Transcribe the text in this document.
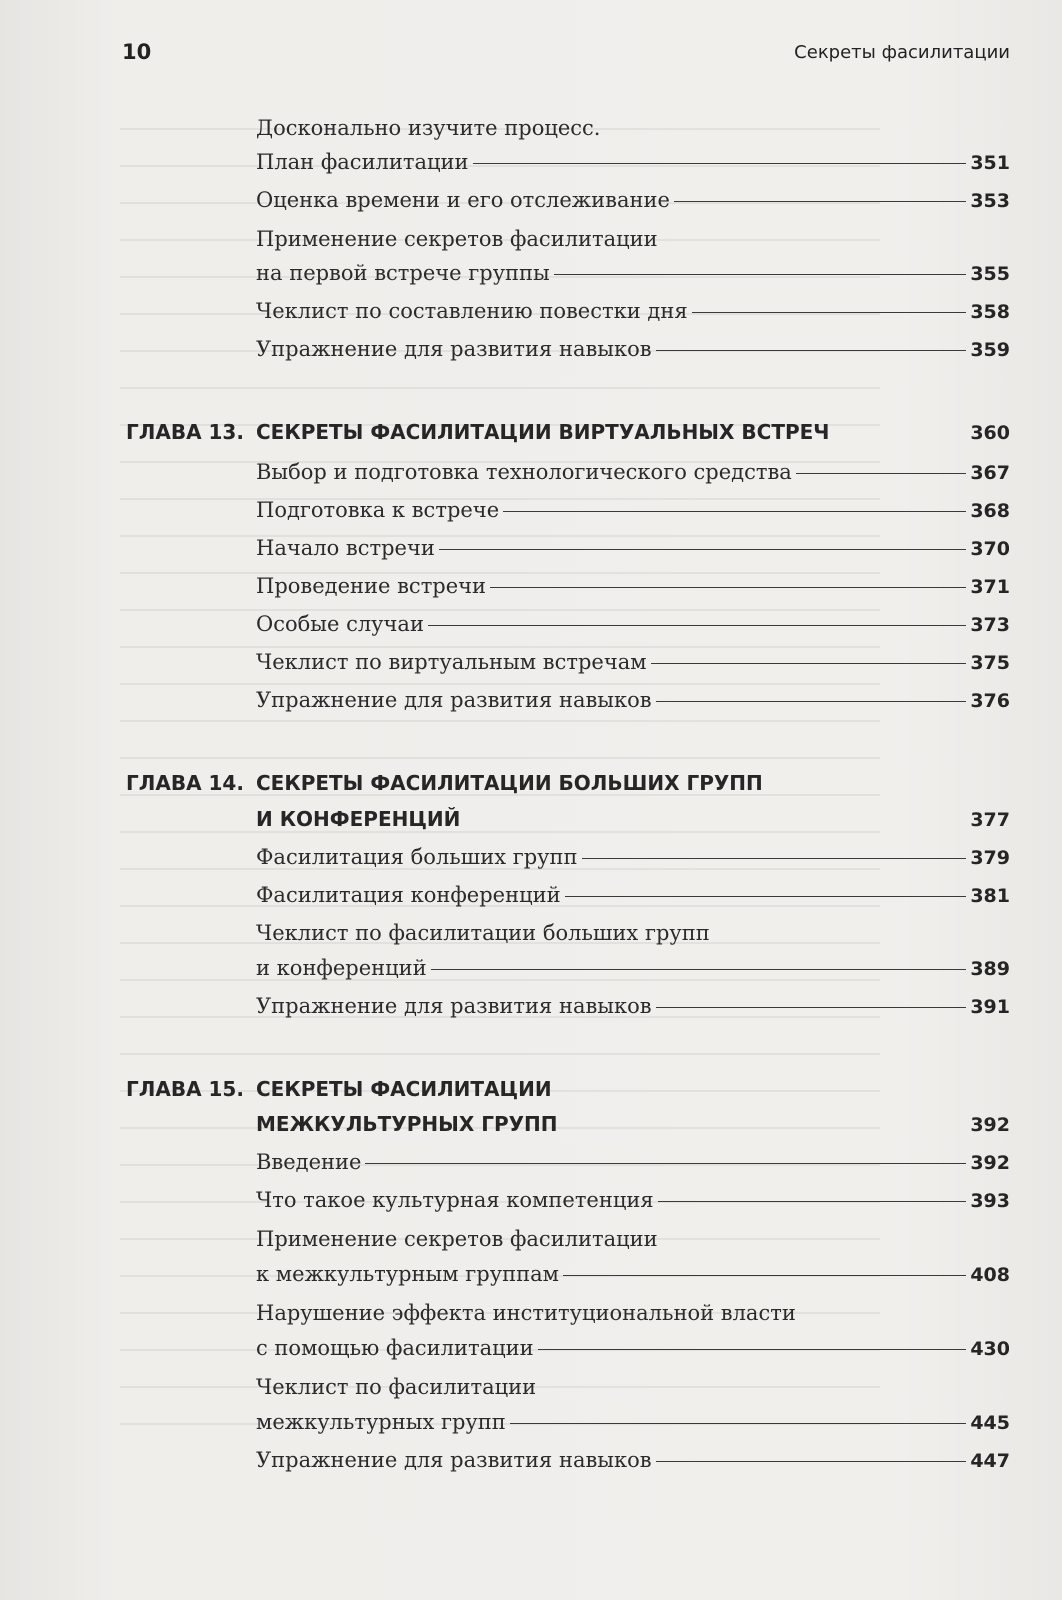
10	Секреты фасилитации
Досконально изучите процесс.
План фасилитации	351
Оценка времени и его отслеживание	353
Применение секретов фасилитации
на первой встрече группы	355
Чеклист по составлению повестки дня	358
Упражнение для развития навыков	359
ГЛАВА 13. СЕКРЕТЫ ФАСИЛИТАЦИИ ВИРТУАЛЬНЫХ ВСТРЕЧ	360
Выбор и подготовка технологического средства	367
Подготовка к встрече	368
Начало встречи	370
Проведение встречи	371
Особые случаи	373
Чеклист по виртуальным встречам	375
Упражнение для развития навыков	376
ГЛАВА 14. СЕКРЕТЫ ФАСИЛИТАЦИИ БОЛЬШИХ ГРУПП
И КОНФЕРЕНЦИЙ	377
Фасилитация больших групп	379
Фасилитация конференций	381
Чеклист по фасилитации больших групп
и конференций	389
Упражнение для развития навыков	391
ГЛАВА 15. СЕКРЕТЫ ФАСИЛИТАЦИИ
МЕЖКУЛЬТУРНЫХ ГРУПП	392
Введение	392
Что такое культурная компетенция	393
Применение секретов фасилитации
к межкультурным группам	408
Нарушение эффекта институциональной власти
с помощью фасилитации	430
Чеклист по фасилитации
межкультурных групп	445
Упражнение для развития навыков	447
